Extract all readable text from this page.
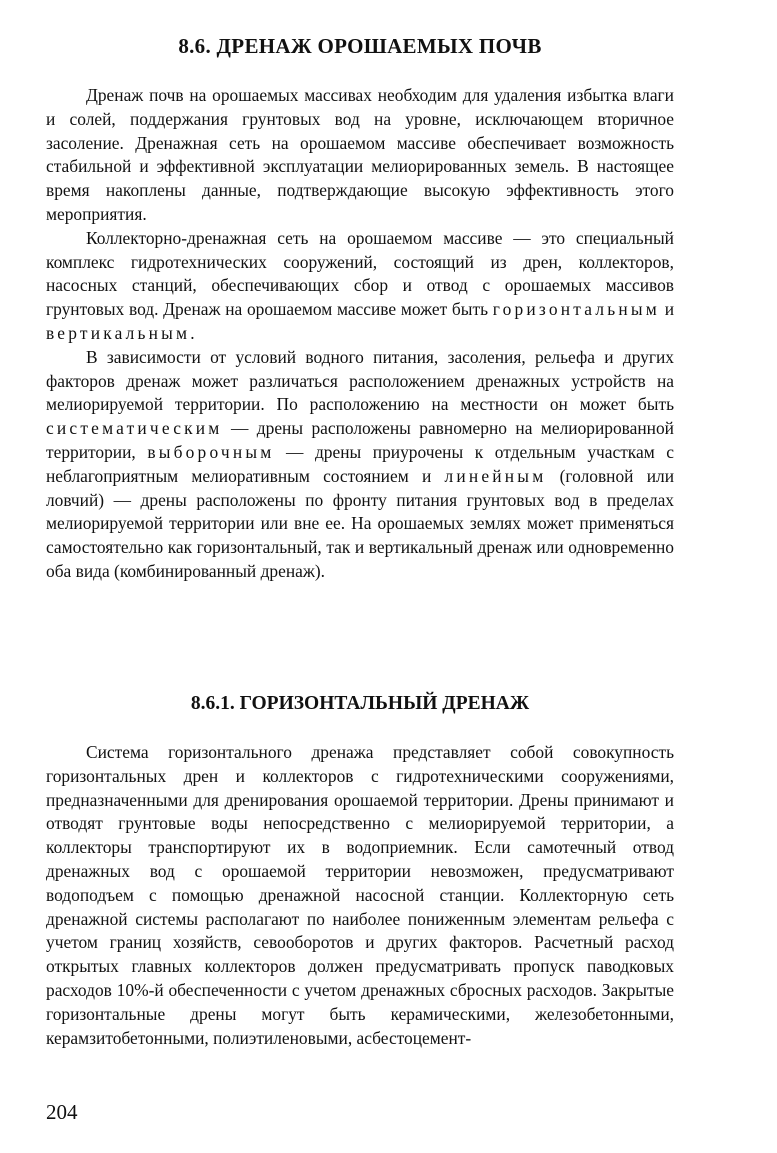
8.6. ДРЕНАЖ ОРОШАЕМЫХ ПОЧВ

Дренаж почв на орошаемых массивах необходим для удаления избытка влаги и солей, поддержания грунтовых вод на уровне, исключающем вторичное засоление. Дренажная сеть на орошаемом массиве обеспечивает возможность стабильной и эффективной эксплуатации мелиорированных земель. В настоящее время накоплены данные, подтверждающие высокую эффективность этого мероприятия.

Коллекторно-дренажная сеть на орошаемом массиве — это специальный комплекс гидротехнических сооружений, состоящий из дрен, коллекторов, насосных станций, обеспечивающих сбор и отвод с орошаемых массивов грунтовых вод. Дренаж на орошаемом массиве может быть горизонтальным и вертикальным.

В зависимости от условий водного питания, засоления, рельефа и других факторов дренаж может различаться расположением дренажных устройств на мелиорируемой территории. По расположению на местности он может быть систематическим — дрены расположены равномерно на мелиорированной территории, выборочным — дрены приурочены к отдельным участкам с неблагоприятным мелиоративным состоянием и линейным (головной или ловчий) — дрены расположены по фронту питания грунтовых вод в пределах мелиорируемой территории или вне ее. На орошаемых землях может применяться самостоятельно как горизонтальный, так и вертикальный дренаж или одновременно оба вида (комбинированный дренаж).

8.6.1. ГОРИЗОНТАЛЬНЫЙ ДРЕНАЖ

Система горизонтального дренажа представляет собой совокупность горизонтальных дрен и коллекторов с гидротехническими сооружениями, предназначенными для дренирования орошаемой территории. Дрены принимают и отводят грунтовые воды непосредственно с мелиорируемой территории, а коллекторы транспортируют их в водоприемник. Если самотечный отвод дренажных вод с орошаемой территории невозможен, предусматривают водоподъем с помощью дренажной насосной станции. Коллекторную сеть дренажной системы располагают по наиболее пониженным элементам рельефа с учетом границ хозяйств, севооборотов и других факторов. Расчетный расход открытых главных коллекторов должен предусматривать пропуск паводковых расходов 10%-й обеспеченности с учетом дренажных сбросных расходов. Закрытые горизонтальные дрены могут быть керамическими, железобетонными, керамзитобетонными, полиэтиленовыми, асбестоцемент-

204
